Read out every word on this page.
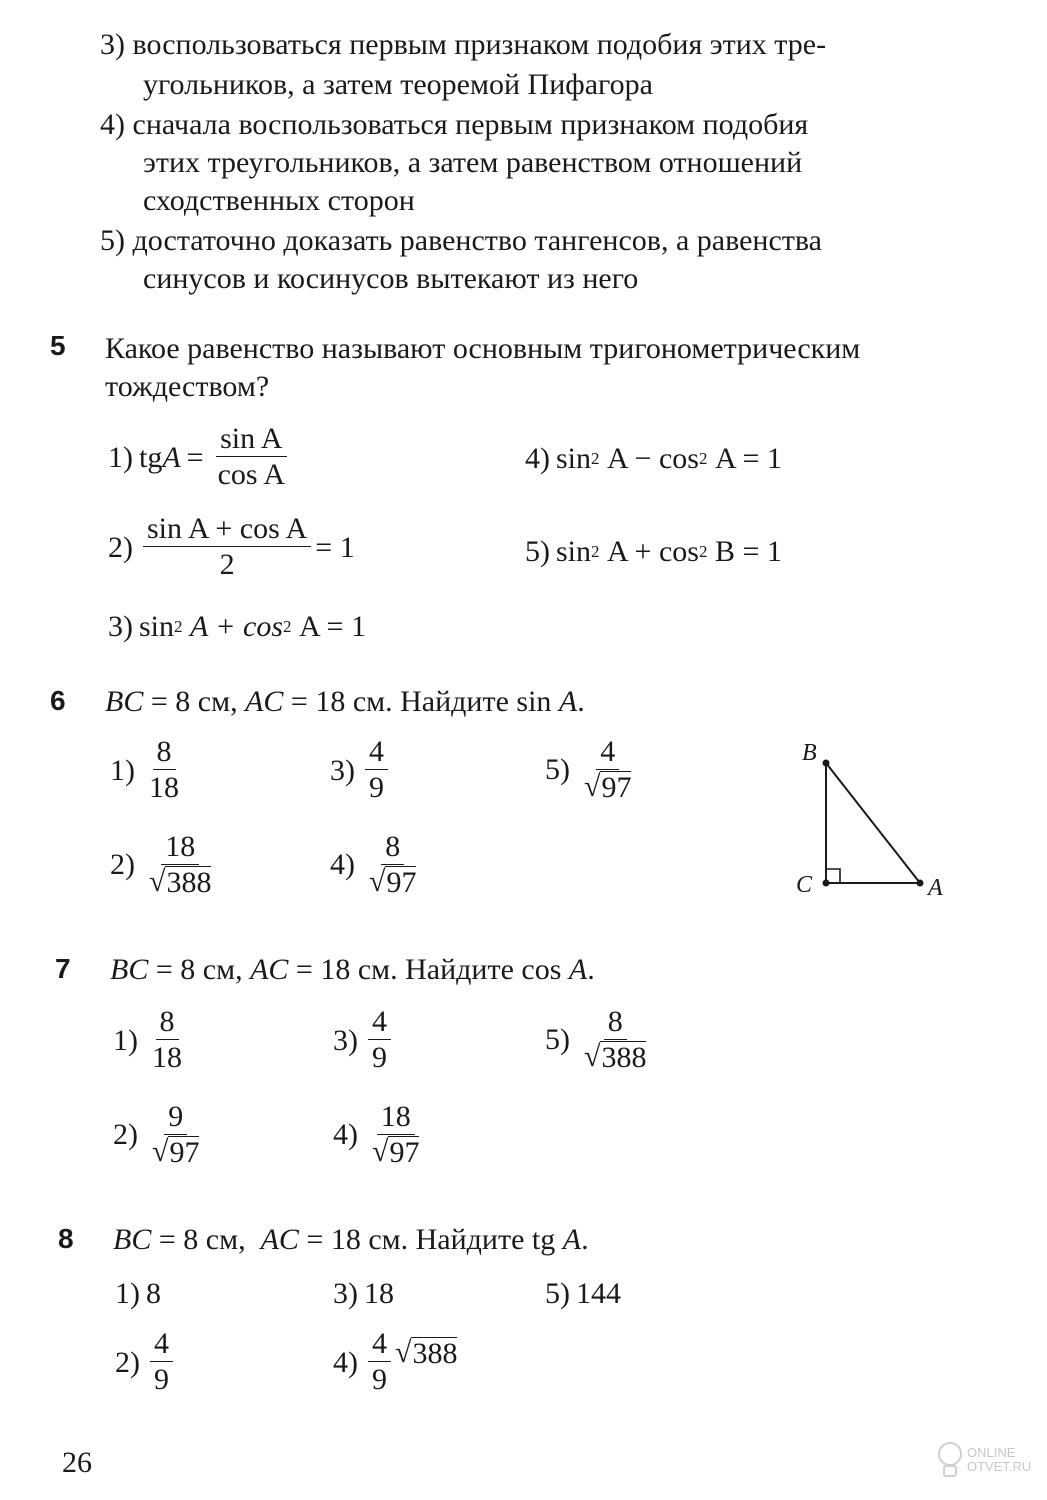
3) воспользоваться первым признаком подобия этих тре-
угольников, а затем теоремой Пифагора
4) сначала воспользоваться первым признаком подобия
этих треугольников, а затем равенством отношений
сходственных сторон
5) достаточно доказать равенство тангенсов, а равенства
синусов и косинусов вытекают из него
5 Какое равенство называют основным тригонометрическим
тождеством?
1) tg $A = \frac{\text{sin A}}{\text{cos A}}$
$2) \frac{\text{sin A + cos A}}{2} = 1$
3) sin 2
A + cos 2
A = 1
4) sin 2
A − cos 2
A = 1
5) sin 2
A + cos 2
B = 1
6 BC = 8 см, AC = 18 см. Найдите sin A.
$1) \frac{8}{18}$
$2) \frac{18}{√ 388}$
$3) \frac{4}{9}$
$4) \frac{8}{√ 97}$
$5) \frac{4}{√ 97}$	B
C	A
7 BC = 8 см, AC = 18 см. Найдите cos A.
$1) \frac{8}{18}$
$2) \frac{9}{√ 97}$
$3) \frac{4}{9}$
$4) \frac{18}{√ 97}$
$5) \frac{8}{√ 388}$
8 BC = 8 см,  AC = 18 см. Найдите tg A.
1) 8
$2) \frac{4}{9}$
3) 18
$4) \frac{4}{9}$ √ 388
5) 144
26	ONLINE
OTVET.RU
